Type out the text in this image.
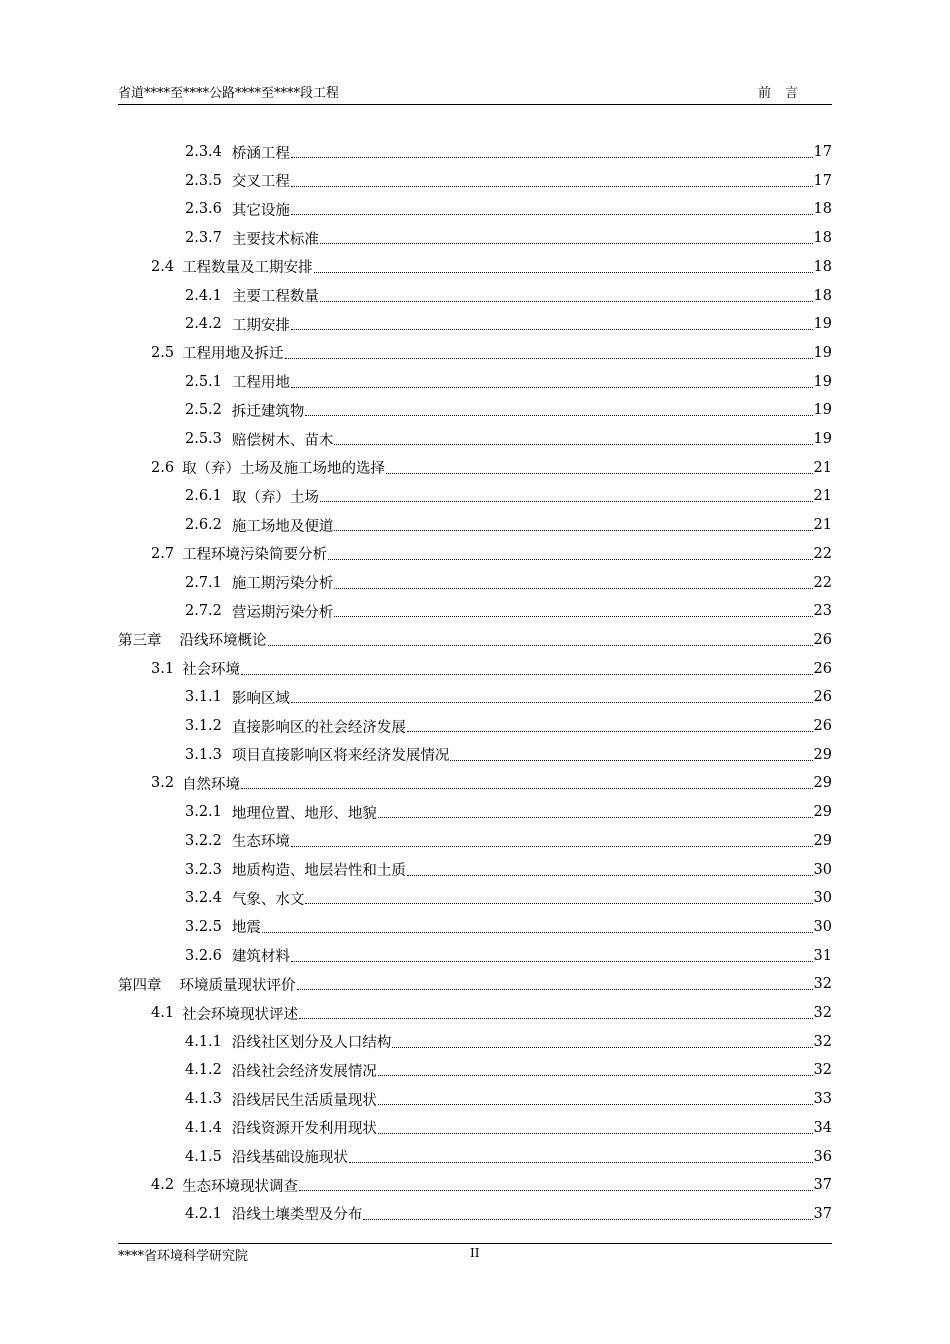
省道****至****公路****至****段工程	前言
2.3.4 桥涵工程	17
2.3.5 交叉工程	17
2.3.6 其它设施	18
2.3.7 主要技术标准	18
2.4 工程数量及工期安排	18
2.4.1 主要工程数量	18
2.4.2 工期安排	19
2.5 工程用地及拆迁	19
2.5.1 工程用地	19
2.5.2 拆迁建筑物	19
2.5.3 赔偿树木、苗木	19
2.6 取（弃）土场及施工场地的选择	21
2.6.1 取（弃）土场	21
2.6.2 施工场地及便道	21
2.7 工程环境污染简要分析	22
2.7.1 施工期污染分析	22
2.7.2 营运期污染分析	23
第三章 沿线环境概论	26
3.1 社会环境	26
3.1.1 影响区域	26
3.1.2 直接影响区的社会经济发展	26
3.1.3 项目直接影响区将来经济发展情况	29
3.2 自然环境	29
3.2.1 地理位置、地形、地貌	29
3.2.2 生态环境	29
3.2.3 地质构造、地层岩性和土质	30
3.2.4 气象、水文	30
3.2.5 地震	30
3.2.6 建筑材料	31
第四章 环境质量现状评价	32
4.1 社会环境现状评述	32
4.1.1 沿线社区划分及人口结构	32
4.1.2 沿线社会经济发展情况	32
4.1.3 沿线居民生活质量现状	33
4.1.4 沿线资源开发利用现状	34
4.1.5 沿线基础设施现状	36
4.2 生态环境现状调查	37
4.2.1 沿线土壤类型及分布	37
****省环境科学研究院	II
